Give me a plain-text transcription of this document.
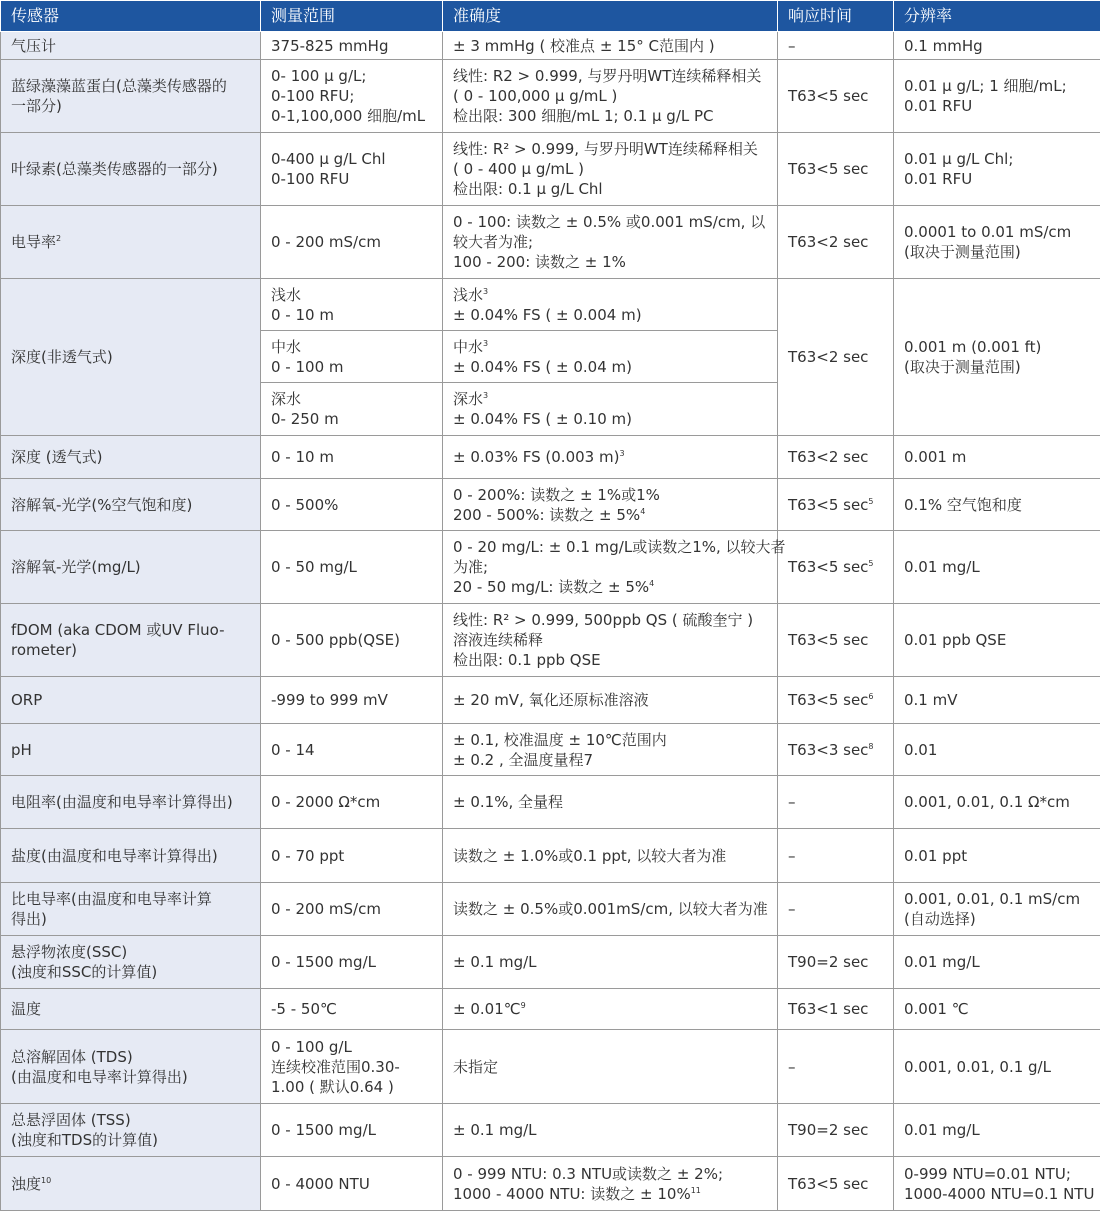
传感器	测量范围	准确度	响应时间	分辨率

气压计	375-825 mmHg	± 3 mmHg ( 校准点 ± 15° C范围内 )	–	0.1 mmHg

蓝绿藻藻蓝蛋白(总藻类传感器的
一部分)	0- 100 µ g/L;
0-100 RFU;
0-1,100,000 细胞/mL	线性: R2 > 0.999, 与罗丹明WT连续稀释相关
( 0 - 100,000 µ g/mL )
检出限: 300 细胞/mL 1; 0.1 µ g/L PC	T63<5 sec	0.01 µ g/L; 1 细胞/mL;
0.01 RFU

叶绿素(总藻类传感器的一部分)	0-400 µ g/L Chl
0-100 RFU	线性: R² > 0.999, 与罗丹明WT连续稀释相关
( 0 - 400 µ g/mL )
检出限: 0.1 µ g/L Chl	T63<5 sec	0.01 µ g/L Chl;
0.01 RFU

电导率$^2$	0 - 200 mS/cm	0 - 100: 读数之 ± 0.5% 或0.001 mS/cm, 以
较大者为准;
100 - 200: 读数之 ± 1%	T63<2 sec	0.0001 to 0.01 mS/cm
(取决于测量范围)

深度(非透气式)	浅水
0 - 10 m	浅水$^3$
± 0.04% FS ( ± 0.004 m)	T63<2 sec	0.001 m (0.001 ft)
(取决于测量范围)

	中水
0 - 100 m	中水$^3$
± 0.04% FS ( ± 0.04 m)		

	深水
0- 250 m	深水$^3$
± 0.04% FS ( ± 0.10 m)		

深度 (透气式)	0 - 10 m	± 0.03% FS (0.003 m)$^3$	T63<2 sec	0.001 m

溶解氧-光学(%空气饱和度)	0 - 500%	0 - 200%: 读数之 ± 1%或1%
200 - 500%: 读数之 ± 5%$^4$	T63<5 $\sec^5$	0.1% 空气饱和度

溶解氧-光学(mg/L)	0 - 50 mg/L	0 - 20 mg/L: ± 0.1 mg/L或读数之1%, 以较大者
为准;
20 - 50 mg/L: 读数之 ± 5%$^4$	T63<5 $\sec^5$	0.01 mg/L

fDOM (aka CDOM 或UV Fluo-
rometer)	0 - 500 ppb(QSE)	线性: R² > 0.999, 500ppb QS ( 硫酸奎宁 )
溶液连续稀释
检出限: 0.1 ppb QSE	T63<5 sec	0.01 ppb QSE

ORP	-999 to 999 mV	± 20 mV, 氧化还原标准溶液	T63<5 $\sec^6$	0.1 mV

pH	0 - 14	± 0.1, 校准温度 ± 10℃范围内
± 0.2 , 全温度量程7	T63<3 $\sec^8$	0.01

电阻率(由温度和电导率计算得出)	0 - 2000 Ω*cm	± 0.1%, 全量程	–	0.001, 0.01, 0.1 Ω*cm

盐度(由温度和电导率计算得出)	0 - 70 ppt	读数之 ± 1.0%或0.1 ppt, 以较大者为准	–	0.01 ppt

比电导率(由温度和电导率计算
得出)	0 - 200 mS/cm	读数之 ± 0.5%或0.001mS/cm, 以较大者为准	–	0.001, 0.01, 0.1 mS/cm
(自动选择)

悬浮物浓度(SSC)
(浊度和SSC的计算值)	0 - 1500 mg/L	± 0.1 mg/L	T90=2 sec	0.01 mg/L

温度	-5 - 50℃	± 0.01℃$^9$	T63<1 sec	0.001 ℃

总溶解固体 (TDS)
(由温度和电导率计算得出)	0 - 100 g/L
连续校准范围0.30-
1.00 ( 默认0.64 )	未指定	–	0.001, 0.01, 0.1 g/L

总悬浮固体 (TSS)
(浊度和TDS的计算值)	0 - 1500 mg/L	± 0.1 mg/L	T90=2 sec	0.01 mg/L

浊度$^{10}$	0 - 4000 NTU	0 - 999 NTU: 0.3 NTU或读数之 ± 2%;
1000 - 4000 NTU: 读数之 ± 10%$^{11}$	T63<5 sec	0-999 NTU=0.01 NTU;
1000-4000 NTU=0.1 NTU
